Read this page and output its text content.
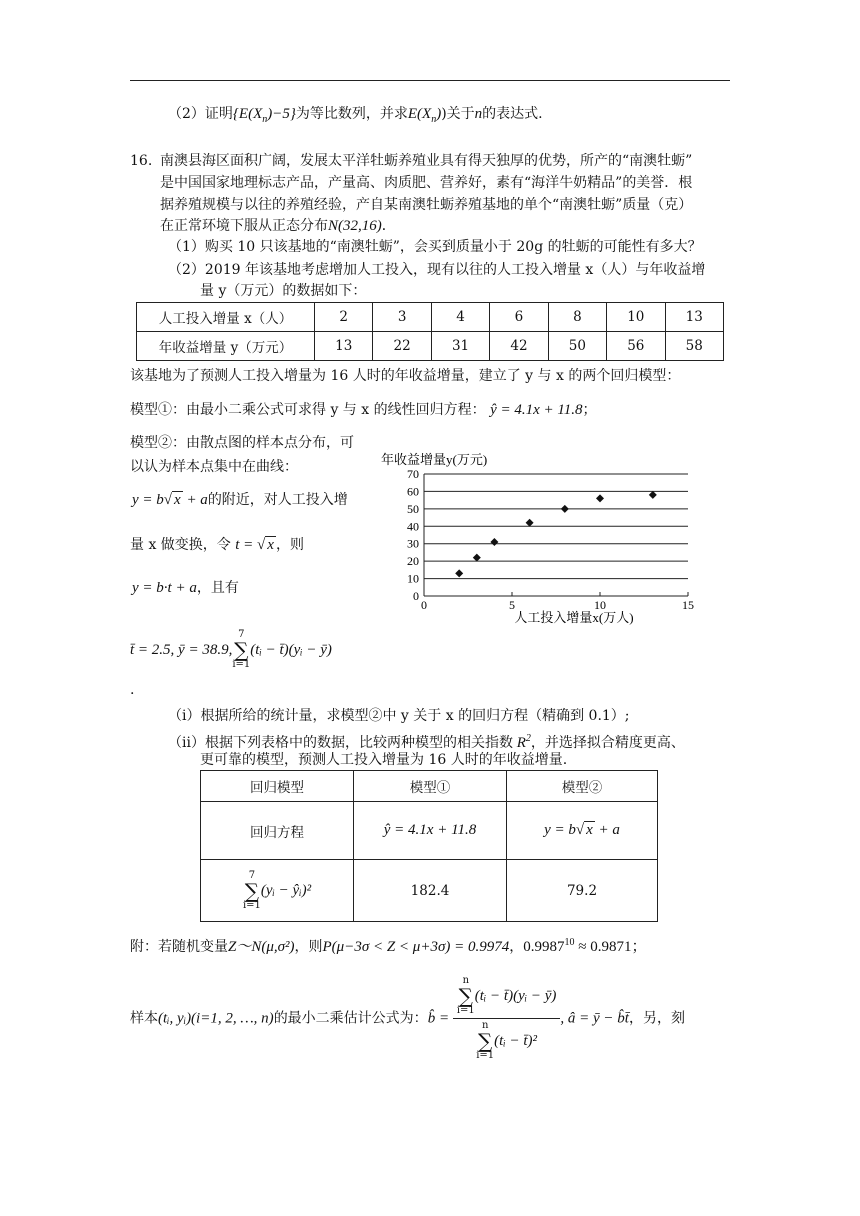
（2）证明$\{E(X_n)-5\}$为等比数列，并求$E(X_n)$)关于n的表达式.
16. 南澳县海区面积广阔，发展太平洋牡蛎养殖业具有得天独厚的优势，所产的“南澳牡蛎”
是中国国家地理标志产品，产量高、肉质肥、营养好，素有“海洋牛奶精品”的美誉．根
据养殖规模与以往的养殖经验，产自某南澳牡蛎养殖基地的单个“南澳牡蛎”质量（克）
在正常环境下服从正态分布N(32,16)．
（1）购买 10 只该基地的“南澳牡蛎”，会买到质量小于 20g 的牡蛎的可能性有多大？
（2）2019 年该基地考虑增加人工投入，现有以往的人工投入增量 x（人）与年收益增
量 y（万元）的数据如下：
人工投入增量 x（人）	2	3	4	6	8	10	13
年收益增量 y（万元）	13	22	31	42	50	56	58
该基地为了预测人工投入增量为 16 人时的年收益增量，建立了 y 与 x 的两个回归模型：
模型①：由最小二乘公式可求得 y 与 x 的线性回归方程： ŷ = 4.1x + 11.8；
模型②：由散点图的样本点分布，可
以认为样本点集中在曲线：
y = b√ x + a的附近，对人工投入增
量 x 做变换，令 t = √ x ，则
y = b·t + a，且有
t̄ = 2.5, ȳ = 38.9,
7
∑
i=1
(tᵢ − t̄)(yᵢ − ȳ)
.
年收益增量y(万元)
0
10
20
30
40
50
60
70
0	5	10	15
人工投入增量x(万人)
（i）根据所给的统计量，求模型②中 y 关于 x 的回归方程（精确到 0.1）;
（ii）根据下列表格中的数据，比较两种模型的相关指数 $R^2$，并选择拟合精度更高、
更可靠的模型，预测人工投入增量为 16 人时的年收益增量.
回归模型	模型①	模型②
回归方程	ŷ = 4.1x + 11.8	y = b√ x + a

7
∑
i=1
(yᵢ − ŷᵢ)²	182.4	79.2
附：若随机变量Z～N(μ,σ²)，则P(μ−3σ < Z < μ+3σ) = 0.9974，$0.9987^{10} \approx 0.9871$；
样本(tᵢ, yᵢ)(i=1, 2, …, n)的最小二乘估计公式为：b̂ = n
∑
i=1
(tᵢ − t̄)(yᵢ − ȳ)
n
∑
i=1
(tᵢ − t̄)² , â = ȳ − b̂t̄，另，刻
